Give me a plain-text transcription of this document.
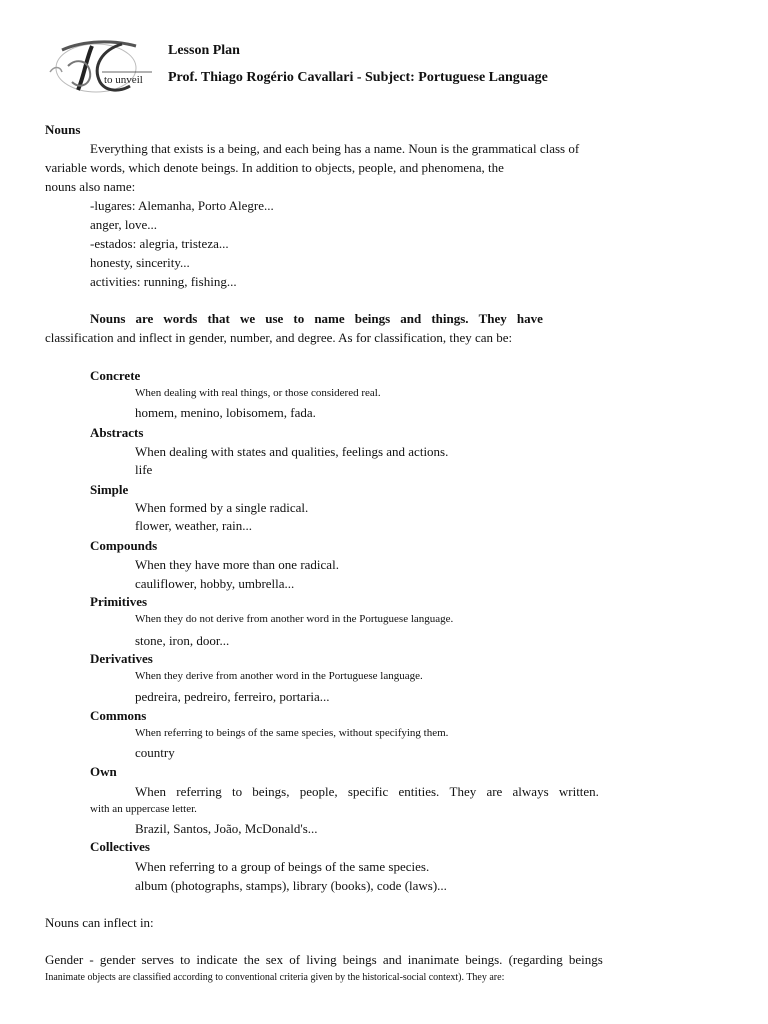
to unveil
Lesson Plan
Prof. Thiago Rogério Cavallari - Subject: Portuguese Language
Nouns
Everything that exists is a being, and each being has a name. Noun is the grammatical class of
variable words, which denote beings. In addition to objects, people, and phenomena, the
nouns also name:
-lugares: Alemanha, Porto Alegre...
anger, love...
-estados: alegria, tristeza...
honesty, sincerity...
activities: running, fishing...
Nouns are words that we use to name beings and things. They have
classification and inflect in gender, number, and degree. As for classification, they can be:
Concrete
When dealing with real things, or those considered real.
homem, menino, lobisomem, fada.
Abstracts
When dealing with states and qualities, feelings and actions.
life
Simple
When formed by a single radical.
flower, weather, rain...
Compounds
When they have more than one radical.
cauliflower, hobby, umbrella...
Primitives
When they do not derive from another word in the Portuguese language.
stone, iron, door...
Derivatives
When they derive from another word in the Portuguese language.
pedreira, pedreiro, ferreiro, portaria...
Commons
When referring to beings of the same species, without specifying them.
country
Own
When referring to beings, people, specific entities. They are always written.
with an uppercase letter.
Brazil, Santos, João, McDonald's...
Collectives
When referring to a group of beings of the same species.
album (photographs, stamps), library (books), code (laws)...
Nouns can inflect in:
Gender - gender serves to indicate the sex of living beings and inanimate beings. (regarding beings
Inanimate objects are classified according to conventional criteria given by the historical-social context). They are:
